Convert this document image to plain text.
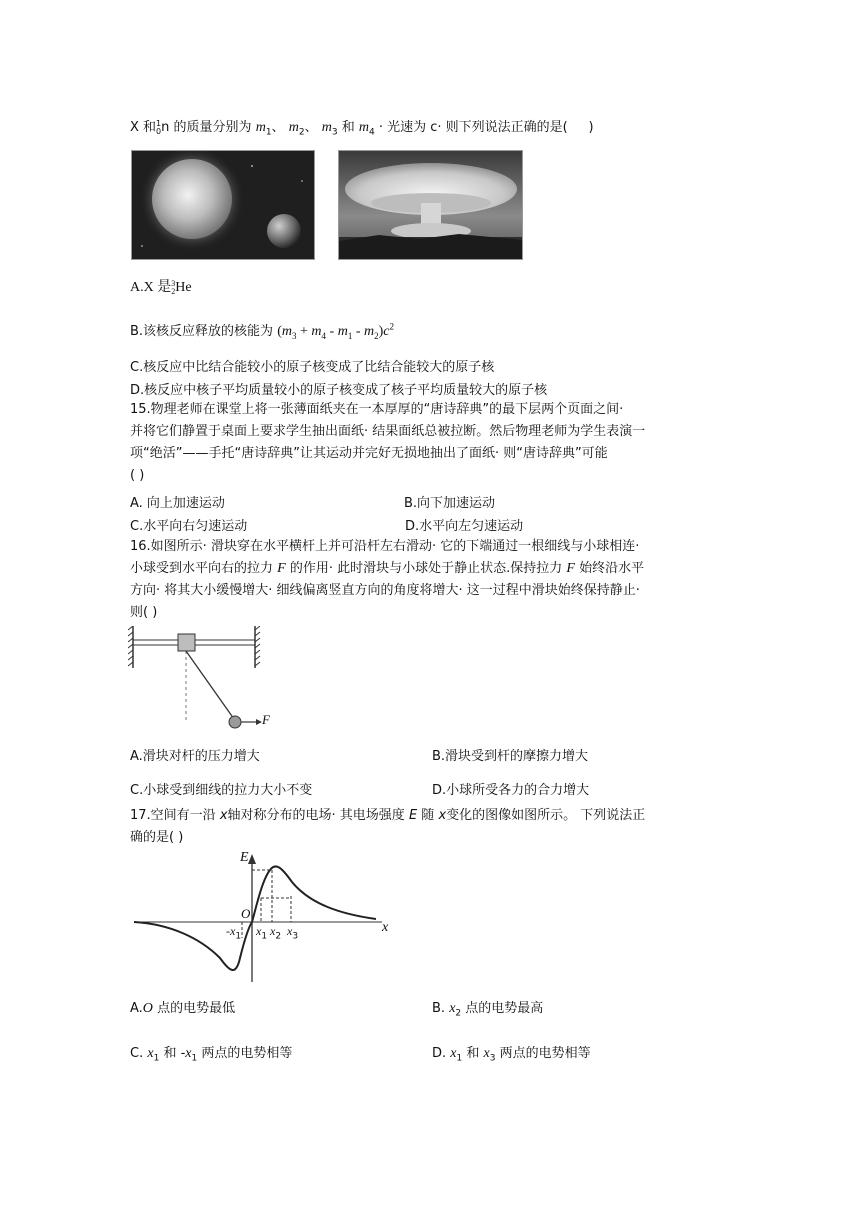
X 和1
0n 的质量分别为 $m_1$、 $m_2$、 $m_3$ 和 $m_4$ · 光速为 c· 则下列说法正确的是( )
A.X 是3
2He
B.该核反应释放的核能为 $(m_3 + m_4 - m_1 - m_2)c^2$
C.核反应中比结合能较小的原子核变成了比结合能较大的原子核
D.核反应中核子平均质量较小的原子核变成了核子平均质量较大的原子核
15.物理老师在课堂上将一张薄面纸夹在一本厚厚的“唐诗辞典”的最下层两个页面之间·
并将它们静置于桌面上要求学生抽出面纸· 结果面纸总被拉断。然后物理老师为学生表演一
项“绝活”——手托“唐诗辞典”让其运动并完好无损地抽出了面纸· 则“唐诗辞典”可能
( )
A. 向上加速运动	B.向下加速运动
C.水平向右匀速运动	D.水平向左匀速运动
16.如图所示· 滑块穿在水平横杆上并可沿杆左右滑动· 它的下端通过一根细线与小球相连·
小球受到水平向右的拉力 F 的作用· 此时滑块与小球处于静止状态.保持拉力 F 始终沿水平
方向· 将其大小缓慢增大· 细线偏离竖直方向的角度将增大· 这一过程中滑块始终保持静止·
则( )
F
A.滑块对杆的压力增大	B.滑块受到杆的摩擦力增大
C.小球受到细线的拉力大小不变	D.小球所受各力的合力增大
17.空间有一沿 x轴对称分布的电场· 其电场强度 E 随 x变化的图像如图所示。 下列说法正
确的是( )
E
O
x
$-x_1$ $x_1$ $x_2$ $x_3$
A.O 点的电势最低	B. $x_2$ 点的电势最高
C. $x_1$ 和 $-x_1$ 两点的电势相等	D. $x_1$ 和 $x_3$ 两点的电势相等
